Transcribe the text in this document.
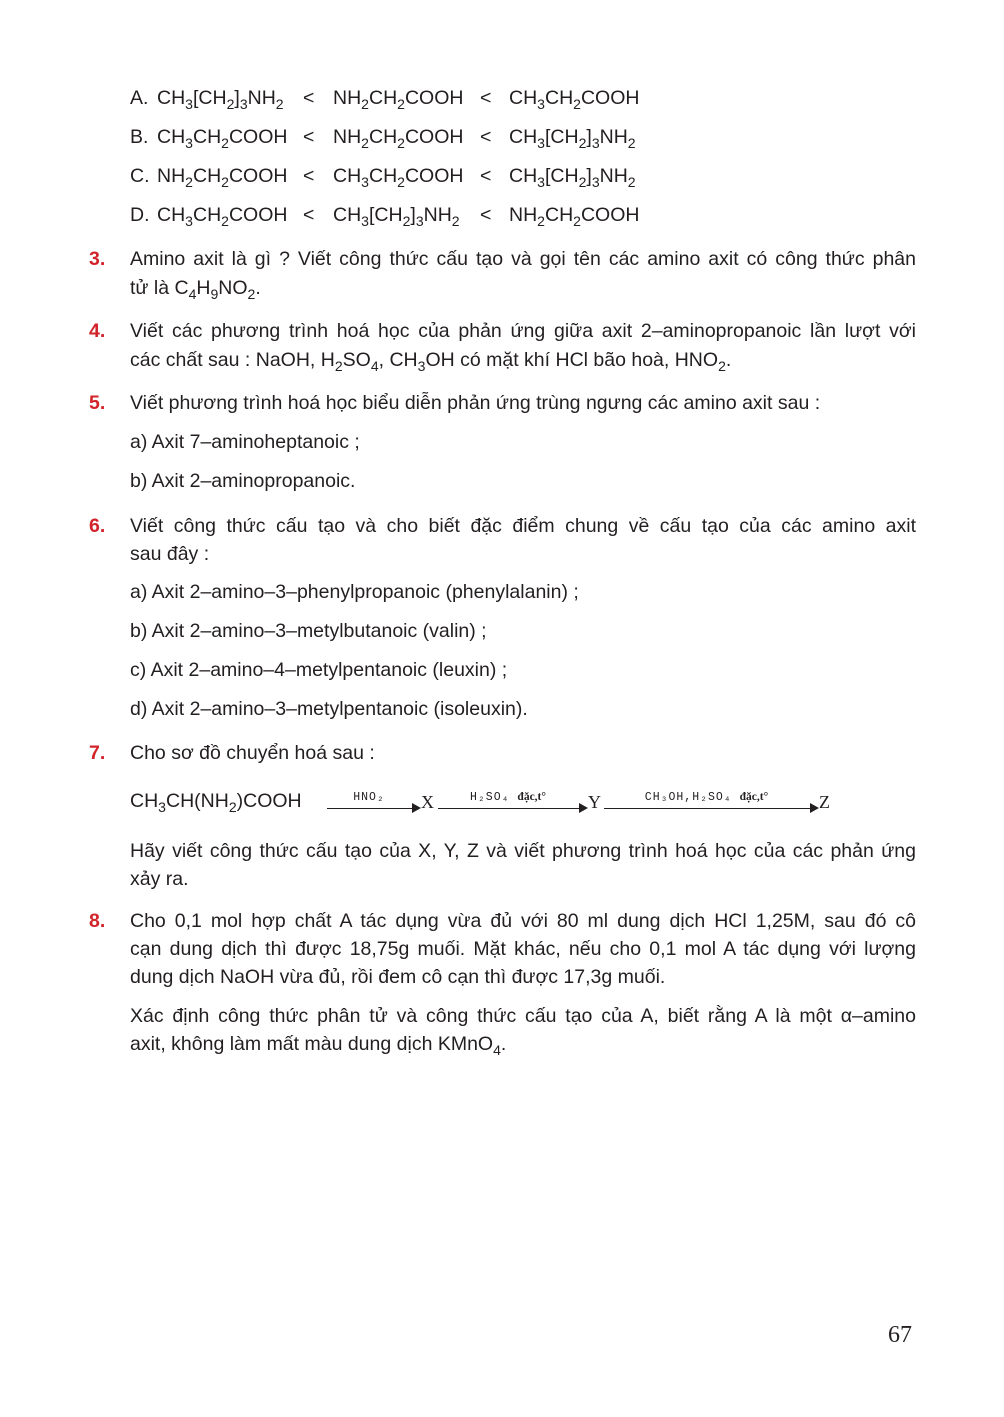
A. $CH_3[CH_2]_3NH_2$ < $NH_2CH_2COOH$ < $CH_3CH_2COOH$
B. $CH_3CH_2COOH$ < $NH_2CH_2COOH < CH_3[CH_2]_3NH_2$
C. $NH_2CH_2COOH$ < $CH_3CH_2COOH < CH_3[CH_2]_3NH_2$
D. $CH_3CH_2COOH < CH_3[CH_2]_3NH_2$ < $NH_2CH_2COOH$
3. Amino axit là gì ? Viết công thức cấu tạo và gọi tên các amino axit có công thức phân
tử là $C_4H_9NO_2$.
4. Viết các phương trình hoá học của phản ứng giữa axit 2–aminopropanoic lần lượt với
các chất sau : NaOH, $H_2SO_4$, $CH_3OH$ có mặt khí HCl bão hoà, $HNO_2$.
5. Viết phương trình hoá học biểu diễn phản ứng trùng ngưng các amino axit sau :
a) Axit 7–aminoheptanoic ;
b) Axit 2–aminopropanoic.
6. Viết công thức cấu tạo và cho biết đặc điểm chung về cấu tạo của các amino axit
sau đây :
a) Axit 2–amino–3–phenylpropanoic (phenylalanin) ;
b) Axit 2–amino–3–metylbutanoic (valin) ;
c) Axit 2–amino–4–metylpentanoic (leuxin) ;
d) Axit 2–amino–3–metylpentanoic (isoleuxin).
7. Cho sơ đồ chuyển hoá sau :
$CH_3CH(NH_2)COOH$	HNO₂	X	H₂SO₄ đặc,t°	Y	CH₃OH,H₂SO₄ đặc,t°	Z
Hãy viết công thức cấu tạo của X, Y, Z và viết phương trình hoá học của các phản ứng
xảy ra.
8. Cho 0,1 mol hợp chất A tác dụng vừa đủ với 80 ml dung dịch HCl 1,25M, sau đó cô
cạn dung dịch thì được 18,75g muối. Mặt khác, nếu cho 0,1 mol A tác dụng với lượng
dung dịch NaOH vừa đủ, rồi đem cô cạn thì được 17,3g muối.
Xác định công thức phân tử và công thức cấu tạo của A, biết rằng A là một α–amino
axit, không làm mất màu dung dịch KMnO$_4$.
67
